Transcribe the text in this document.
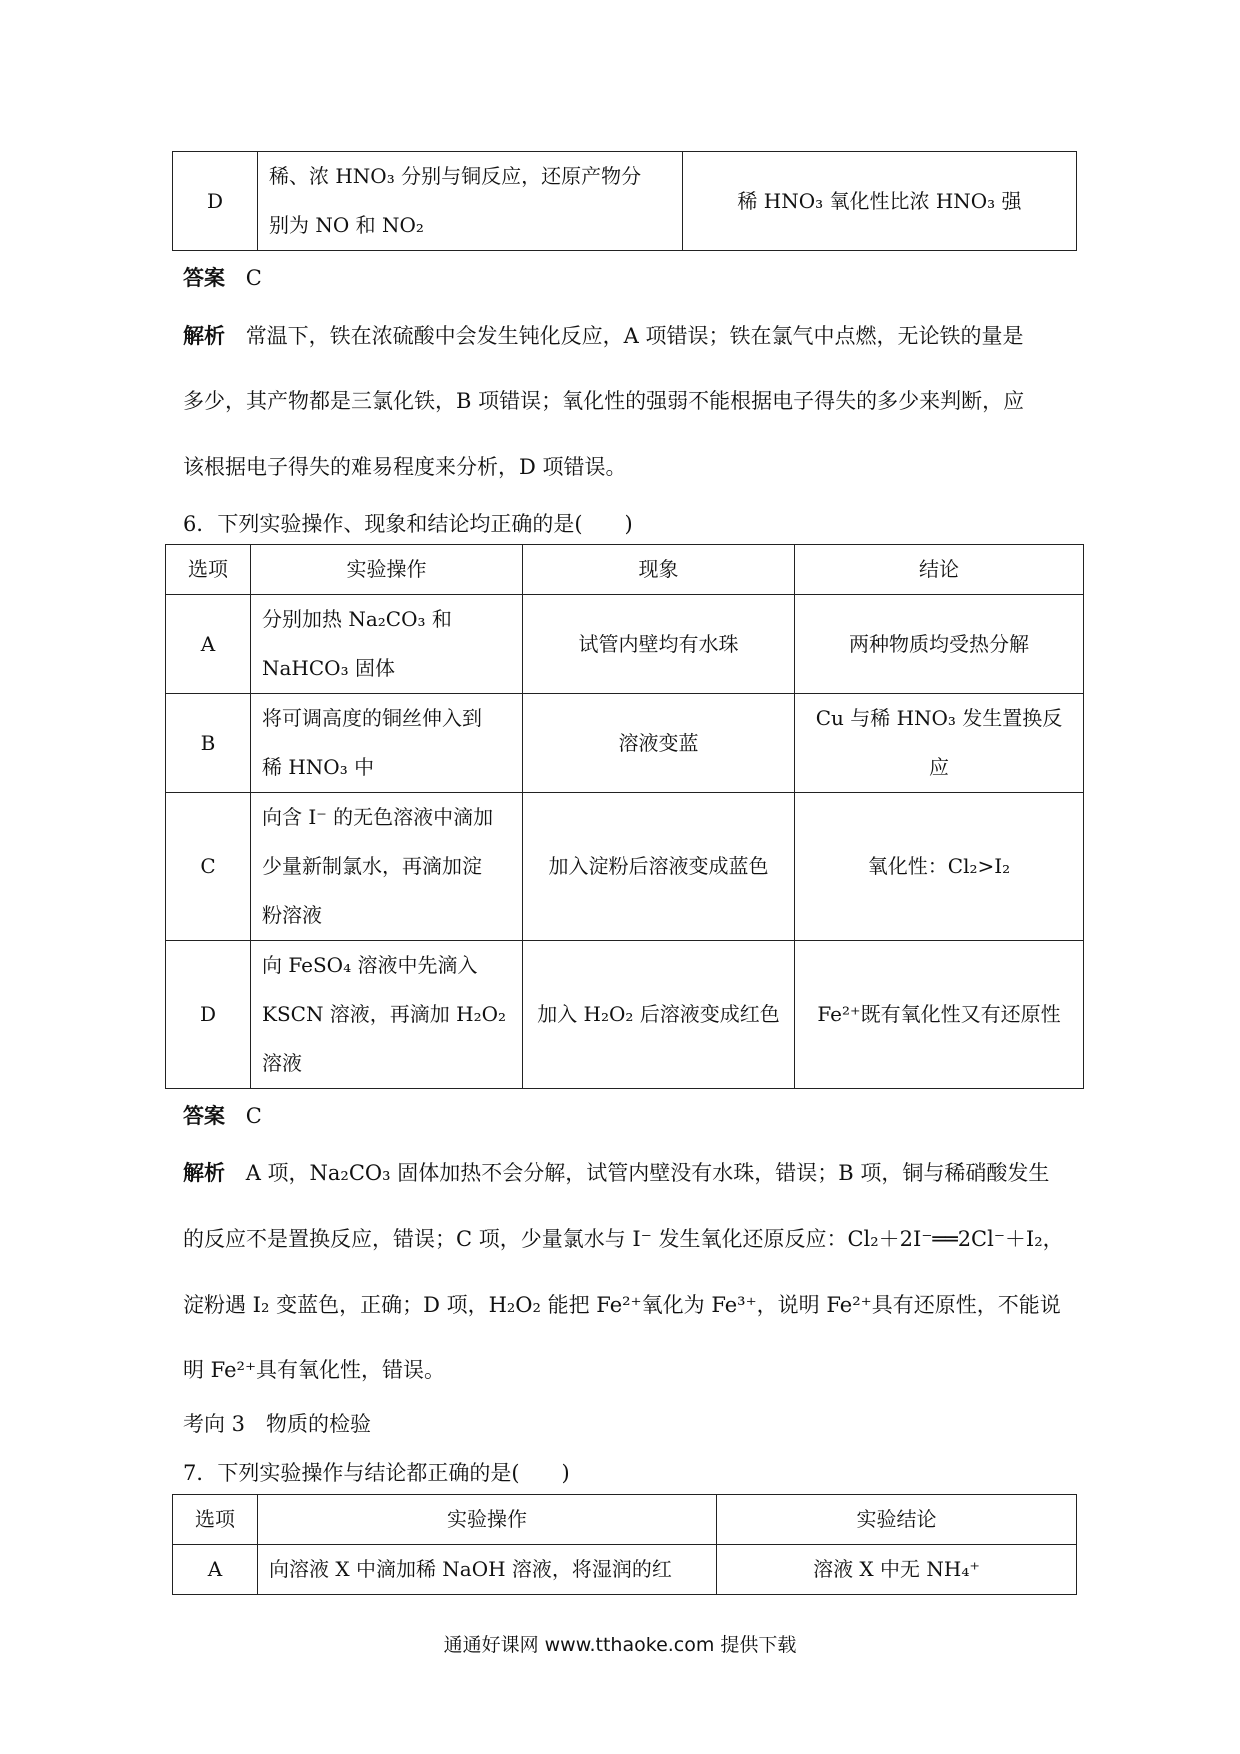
D	
稀、浓 HNO₃ 分别与铜反应，还原产物分
别为 NO 和 NO₂
	稀 HNO₃ 氧化性比浓 HNO₃ 强
答案 C
解析 常温下，铁在浓硫酸中会发生钝化反应，A 项错误；铁在氯气中点燃，无论铁的量是
多少，其产物都是三氯化铁，B 项错误；氧化性的强弱不能根据电子得失的多少来判断，应
该根据电子得失的难易程度来分析，D 项错误。
6．下列实验操作、现象和结论均正确的是(　　)
选项	实验操作	现象	结论
A	分别加热 Na₂CO₃ 和
NaHCO₃ 固体	试管内壁均有水珠	两种物质均受热分解
B	将可调高度的铜丝伸入到
稀 HNO₃ 中	溶液变蓝	Cu 与稀 HNO₃ 发生置换反应
C	向含 I⁻ 的无色溶液中滴加
少量新制氯水，再滴加淀
粉溶液	加入淀粉后溶液变成蓝色	氧化性：Cl₂>I₂
D	向 FeSO₄ 溶液中先滴入
KSCN 溶液，再滴加 H₂O₂
溶液	加入 H₂O₂ 后溶液变成红色	Fe²⁺既有氧化性又有还原性
答案 C
解析 A 项，Na₂CO₃ 固体加热不会分解，试管内壁没有水珠，错误；B 项，铜与稀硝酸发生
的反应不是置换反应，错误；C 项，少量氯水与 I⁻ 发生氧化还原反应：Cl₂＋2I⁻══2Cl⁻＋I₂，
淀粉遇 I₂ 变蓝色，正确；D 项，H₂O₂ 能把 Fe²⁺氧化为 Fe³⁺，说明 Fe²⁺具有还原性，不能说
明 Fe²⁺具有氧化性，错误。
考向 3　物质的检验
7．下列实验操作与结论都正确的是(　　)
选项	实验操作	实验结论
A	向溶液 X 中滴加稀 NaOH 溶液，将湿润的红	溶液 X 中无 NH₄⁺
通通好课网 www.tthaoke.com 提供下载
